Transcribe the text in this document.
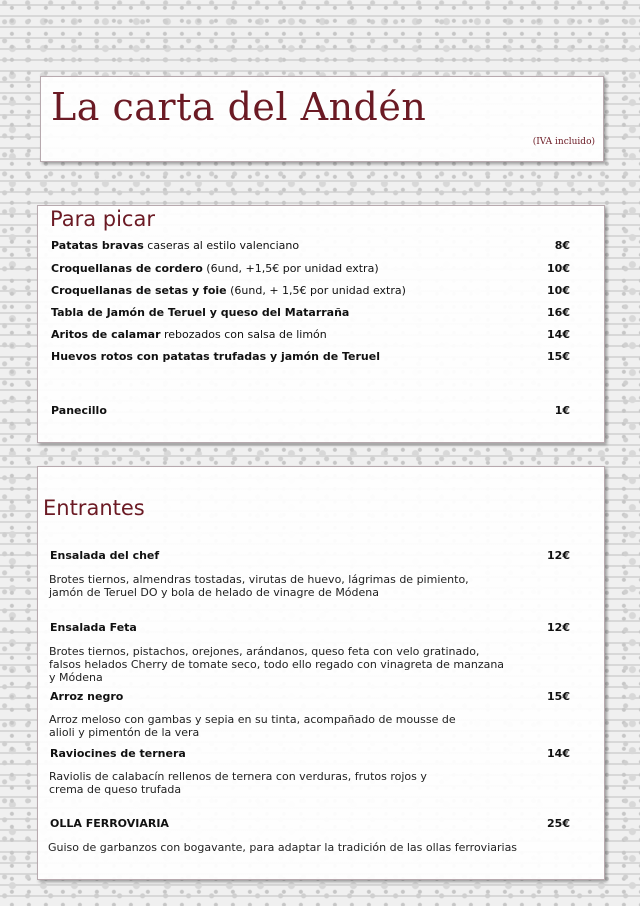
La carta del Andén
(IVA incluido)
Para picar
Patatas bravas caseras al estilo valenciano	8€
Croquellanas de cordero (6und, +1,5€ por unidad extra)	10€
Croquellanas de setas y foie (6und, + 1,5€ por unidad extra)	10€
Tabla de Jamón de Teruel y queso del Matarraña	16€
Aritos de calamar rebozados con salsa de limón	14€
Huevos rotos con patatas trufadas y jamón de Teruel	15€
Panecillo	1€
Entrantes
Ensalada del chef	12€
Brotes tiernos, almendras tostadas, virutas de huevo, lágrimas de pimiento,
jamón de Teruel DO y bola de helado de vinagre de Módena
Ensalada Feta	12€
Brotes tiernos, pistachos, orejones, arándanos, queso feta con velo gratinado,
falsos helados Cherry de tomate seco, todo ello regado con vinagreta de manzana
y Módena
Arroz negro	15€
Arroz meloso con gambas y sepia en su tinta, acompañado de mousse de
alioli y pimentón de la vera
Raviocines de ternera	14€
Raviolis de calabacín rellenos de ternera con verduras, frutos rojos y
crema de queso trufada
OLLA FERROVIARIA	25€
Guiso de garbanzos con bogavante, para adaptar la tradición de las ollas ferroviarias
